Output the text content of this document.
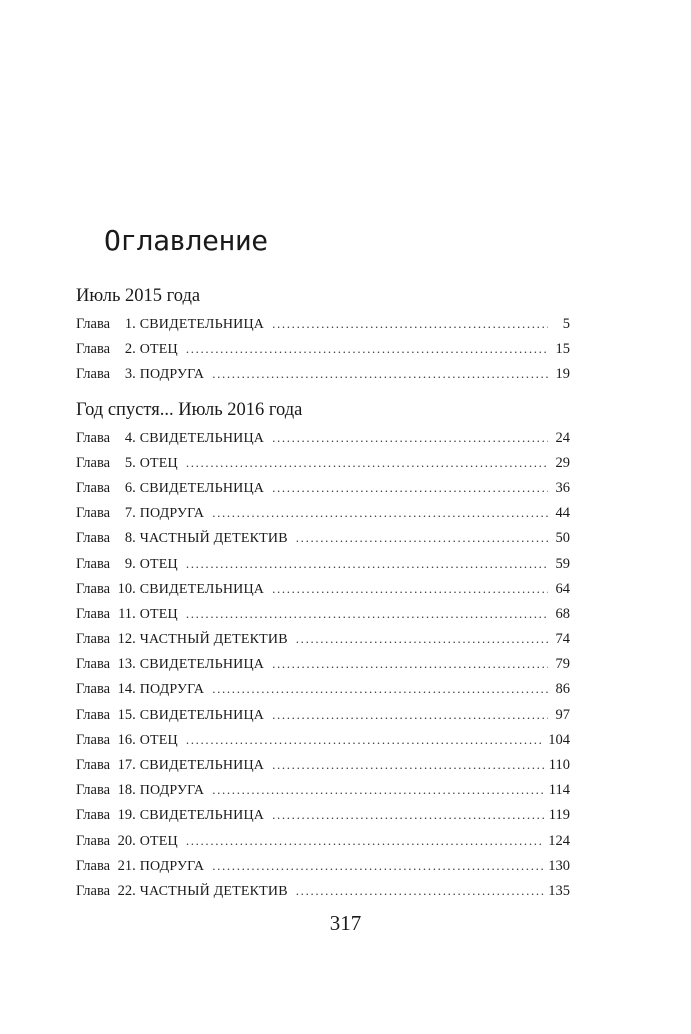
Оглавление
Июль 2015 года
Глава	1 . СВИДЕТЕЛЬНИЦА . . .	5
Глава	2 . ОТЕЦ . . .	15
Глава	3 . ПОДРУГА . . .	19
Год спустя... Июль 2016 года
Глава	4 . СВИДЕТЕЛЬНИЦА . . .	24
Глава	5 . ОТЕЦ . . .	29
Глава	6 . СВИДЕТЕЛЬНИЦА . . .	36
Глава	7 . ПОДРУГА . . .	44
Глава	8 . ЧАСТНЫЙ ДЕТЕКТИВ . . .	50
Глава	9 . ОТЕЦ . . .	59
Глава 10 . СВИДЕТЕЛЬНИЦА . . .	64
Глава 11 . ОТЕЦ . . .	68
Глава 12 . ЧАСТНЫЙ ДЕТЕКТИВ . . .	74
Глава 13 . СВИДЕТЕЛЬНИЦА . . .	79
Глава 14 . ПОДРУГА . . .	86
Глава 15 . СВИДЕТЕЛЬНИЦА . . .	97
Глава 16 . ОТЕЦ . . .	104
Глава 17 . СВИДЕТЕЛЬНИЦА . . .	110
Глава 18 . ПОДРУГА . . .	114
Глава 19 . СВИДЕТЕЛЬНИЦА . . .	119
Глава 20 . ОТЕЦ . . .	124
Глава 21 . ПОДРУГА . . .	130
Глава 22 . ЧАСТНЫЙ ДЕТЕКТИВ . . .	135
317
